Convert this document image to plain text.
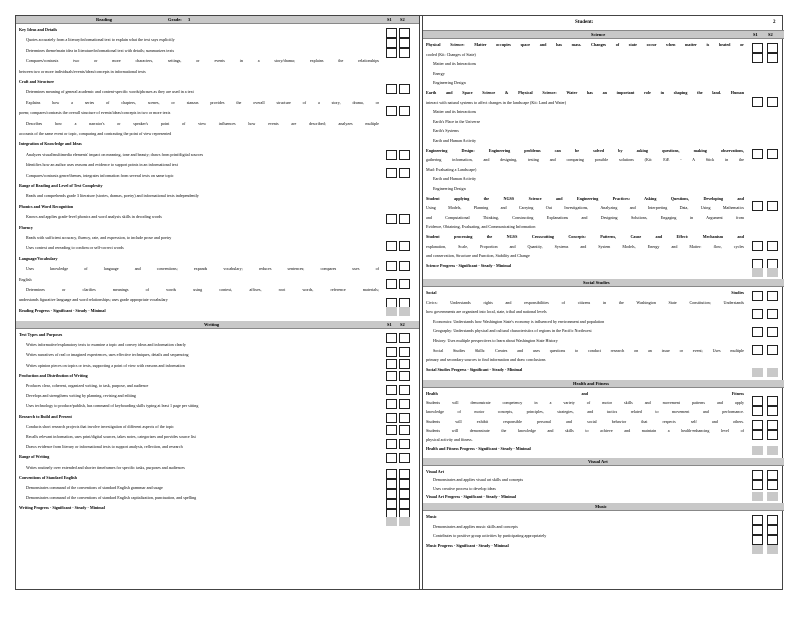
Reading	Grade: 3	S1 S2
Key Ideas and Details
Quotes accurately from a literary/informational text to explain what the text says explicitly
Determines theme/main idea in literature/informational text with details; summarizes texts
Compares/contrasts two or more characters, settings, or events in a story/drama; explains the relationships
between two or more individuals/events/ideas/concepts in informational texts
Craft and Structure
Determines meaning of general academic and content-specific words/phrases as they are used in a text
Explains how a series of chapters, scenes, or stanzas provides the overall structure of a story, drama, or
poem; compares/contrasts the overall structure of events/ideas/concepts in two or more texts
Describes how a narrator's or speaker's point of view influences how events are described; analyzes multiple
accounts of the same event or topic, comparing and contrasting the point of view represented
Integration of Knowledge and Ideas
Analyzes visual/multimedia elements' impact on meaning, tone and beauty; draws from print/digital sources
Identifies how an author uses reasons and evidence to support points in an informational text
Compares/contrasts genre/themes, integrates information from several texts on same topic
Range of Reading and Level of Text Complexity
Reads and comprehends grade 3 literature (stories, dramas, poetry) and informational texts independently
Phonics and Word Recognition
Knows and applies grade-level phonics and word analysis skills in decoding words
Fluency
Reads with sufficient accuracy, fluency, rate, and expression, to include prose and poetry
Uses context and rereading to confirm or self-correct words
Language/Vocabulary
Uses knowledge of language and conventions; expands vocabulary; reduces sentences; compares uses of
English
Determines or clarifies meanings of words using context, affixes, root words, reference materials;
understands figurative language and word relationships; uses grade appropriate vocabulary
Reading Progress - Significant - Steady - Minimal
Writing	S1 S2
Text Types and Purposes
Writes informative/explanatory texts to examine a topic and convey ideas and information clearly
Writes narratives of real or imagined experiences, uses effective techniques, details and sequencing
Writes opinion pieces on topics or texts, supporting a point of view with reasons and information
Production and Distribution of Writing
Produces clear, coherent, organized writing, to task, purpose, and audience
Develops and strengthens writing by planning, revising and editing
Uses technology to produce/publish, has command of keyboarding skills typing at least 1 page per sitting
Research to Build and Present
Conducts short research projects that involve investigation of different aspects of the topic
Recalls relevant information, uses print/digital sources, takes notes, categorizes and provides source list
Draws evidence from literary or informational texts to support analysis, reflection, and research
Range of Writing
Writes routinely over extended and shorter timeframes for specific tasks, purposes and audiences
Conventions of Standard English
Demonstrates command of the conventions of standard English grammar and usage
Demonstrates command of the conventions of standard English capitalization, punctuation, and spelling
Writing Progress - Significant - Steady - Minimal
Student:	2
Science	S1 S2
Physical Science: Matter occupies space and has mass. Changes of state occur when matter is heated or
cooled (Kit: Changes of State)
Matter and its Interactions
Energy
Engineering Design
Earth and Space Science & Physical Science: Water has an important role in shaping the land. Human
interact with natural systems to affect changes in the landscape (Kit: Land and Water)
Matter and its Interactions
Earth's Place in the Universe
Earth's Systems
Earth and Human Activity
Engineering Design: Engineering problems can be solved by asking questions, making observations,
gathering information, and designing, testing and comparing possible solutions (Kit: EiE - A Stick in the
Mud: Evaluating a Landscape)
Earth and Human Activity
Engineering Design
Student applying the NGSS Science and Engineering Practices: Asking Questions, Developing and
Using Models, Planning and Carrying Out Investigations, Analyzing and Interpreting Data, Using Mathematics
and Computational Thinking, Constructing Explanations and Designing Solutions, Engaging in Argument from
Evidence, Obtaining, Evaluating, and Communicating Information
Student processing the NGSS Crosscutting Concepts: Patterns, Cause and Effect: Mechanism and
explanation, Scale, Proportion and Quantity, Systems and System Models, Energy and Matter: flow, cycles
and conservation, Structure and Function, Stability and Change
Science Progress - Significant - Steady - Minimal
Social Studies
Social Studies
Civics: Understands rights and responsibilities of citizens in the Washington State Constitution; Understands
how governments are organized into local, state, tribal and national levels
Economics: Understands how Washington State's economy is influenced by environment and population
Geography: Understands physical and cultural characteristics of regions in the Pacific Northwest
History: Uses multiple perspectives to learn about Washington State History
Social Studies Skills: Creates and uses questions to conduct research on an issue or event; Uses multiple
primary and secondary sources to find information and draw conclusions
Social Studies Progress - Significant - Steady - Minimal
Health and Fitness
Health and Fitness
Students will demonstrate competency in a variety of motor skills and movement patterns and apply
knowledge of motor concepts, principles, strategies, and tactics related to movement and performance.
Students will exhibit responsible personal and social behavior that respects self and others.
Students will demonstrate the knowledge and skills to achieve and maintain a health-enhancing level of
physical activity and fitness.
Health and Fitness Progress - Significant - Steady - Minimal
Visual Art
Visual Art
Demonstrates and applies visual art skills and concepts
Uses creative process to develop ideas
Visual Art Progress - Significant - Steady - Minimal
Music
Music
Demonstrates and applies music skills and concepts
Contributes to positive group activities by participating appropriately
Music Progress - Significant - Steady - Minimal
